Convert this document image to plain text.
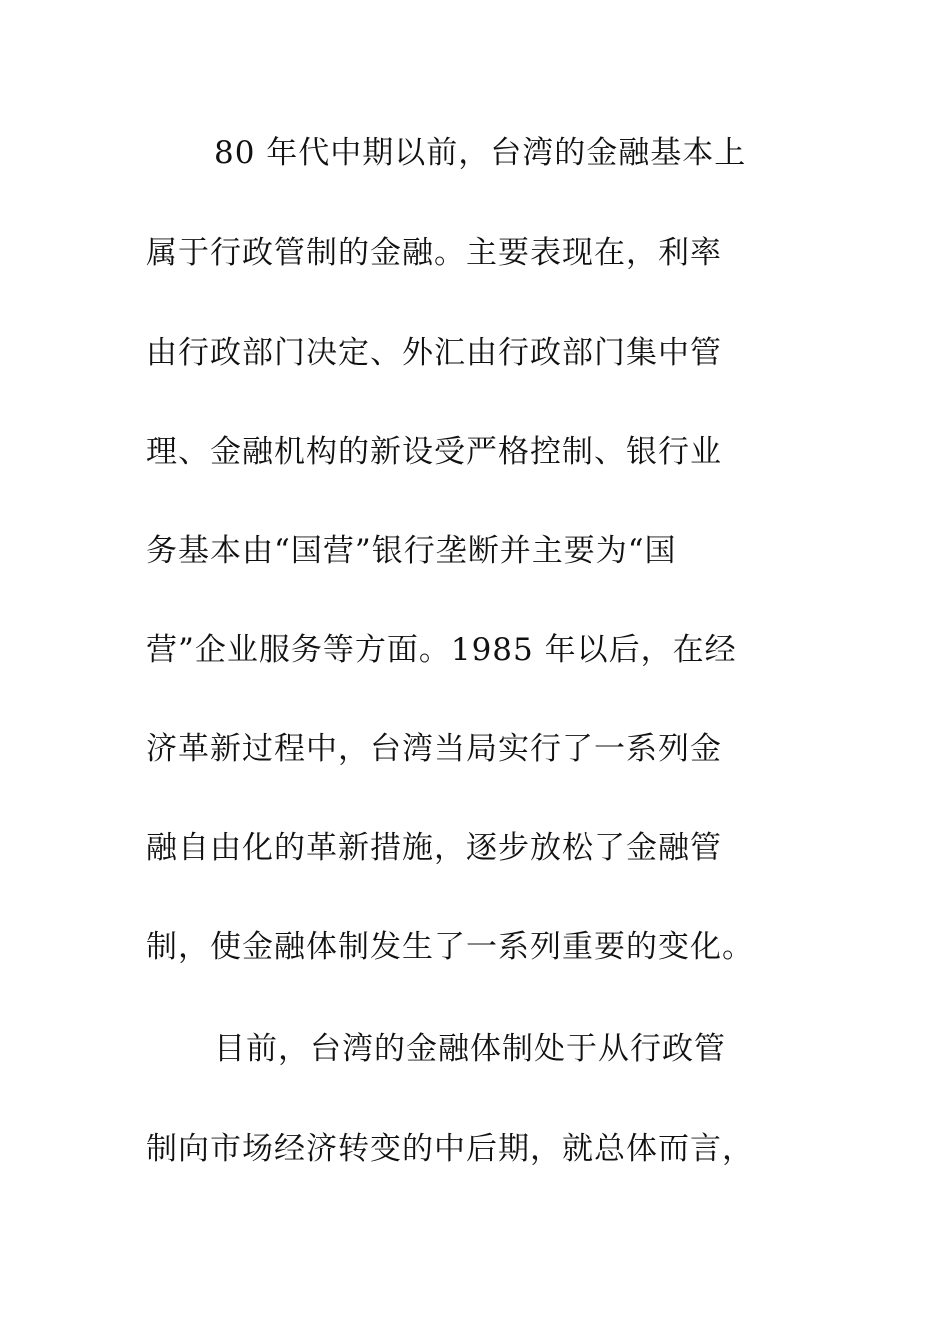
80 年代中期以前，台湾的金融基本上
属于行政管制的金融。主要表现在，利率
由行政部门决定、外汇由行政部门集中管
理、金融机构的新设受严格控制、银行业
务基本由“国营”银行垄断并主要为“国
营”企业服务等方面。1985 年以后，在经
济革新过程中，台湾当局实行了一系列金
融自由化的革新措施，逐步放松了金融管
制，使金融体制发生了一系列重要的变化。
目前，台湾的金融体制处于从行政管
制向市场经济转变的中后期，就总体而言，
